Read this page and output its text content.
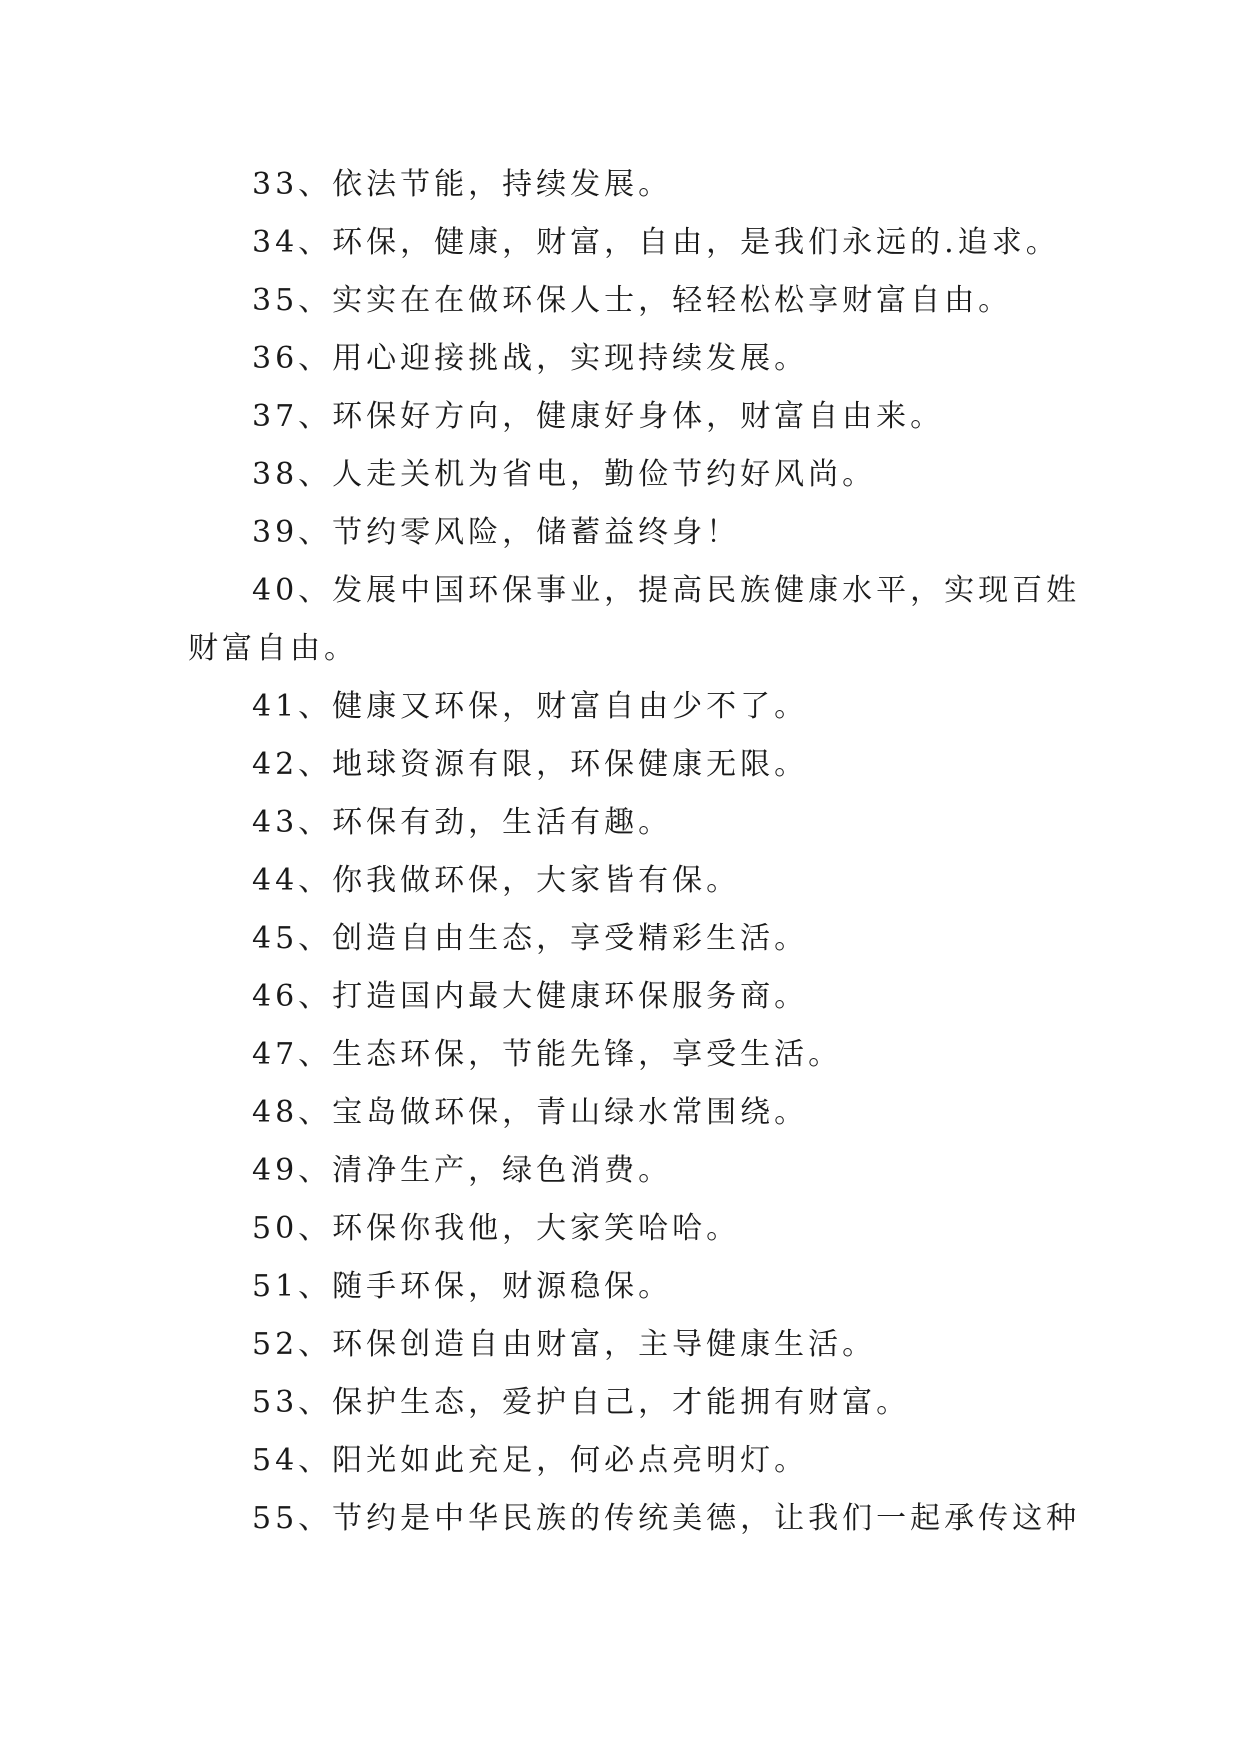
33、依法节能，持续发展。
34、环保，健康，财富，自由，是我们永远的.追求。
35、实实在在做环保人士，轻轻松松享财富自由。
36、用心迎接挑战，实现持续发展。
37、环保好方向，健康好身体，财富自由来。
38、人走关机为省电，勤俭节约好风尚。
39、节约零风险，储蓄益终身！
40、发展中国环保事业，提高民族健康水平，实现百姓
财富自由。
41、健康又环保，财富自由少不了。
42、地球资源有限，环保健康无限。
43、环保有劲，生活有趣。
44、你我做环保，大家皆有保。
45、创造自由生态，享受精彩生活。
46、打造国内最大健康环保服务商。
47、生态环保，节能先锋，享受生活。
48、宝岛做环保，青山绿水常围绕。
49、清净生产，绿色消费。
50、环保你我他，大家笑哈哈。
51、随手环保，财源稳保。
52、环保创造自由财富，主导健康生活。
53、保护生态，爱护自己，才能拥有财富。
54、阳光如此充足，何必点亮明灯。
55、节约是中华民族的传统美德，让我们一起承传这种
